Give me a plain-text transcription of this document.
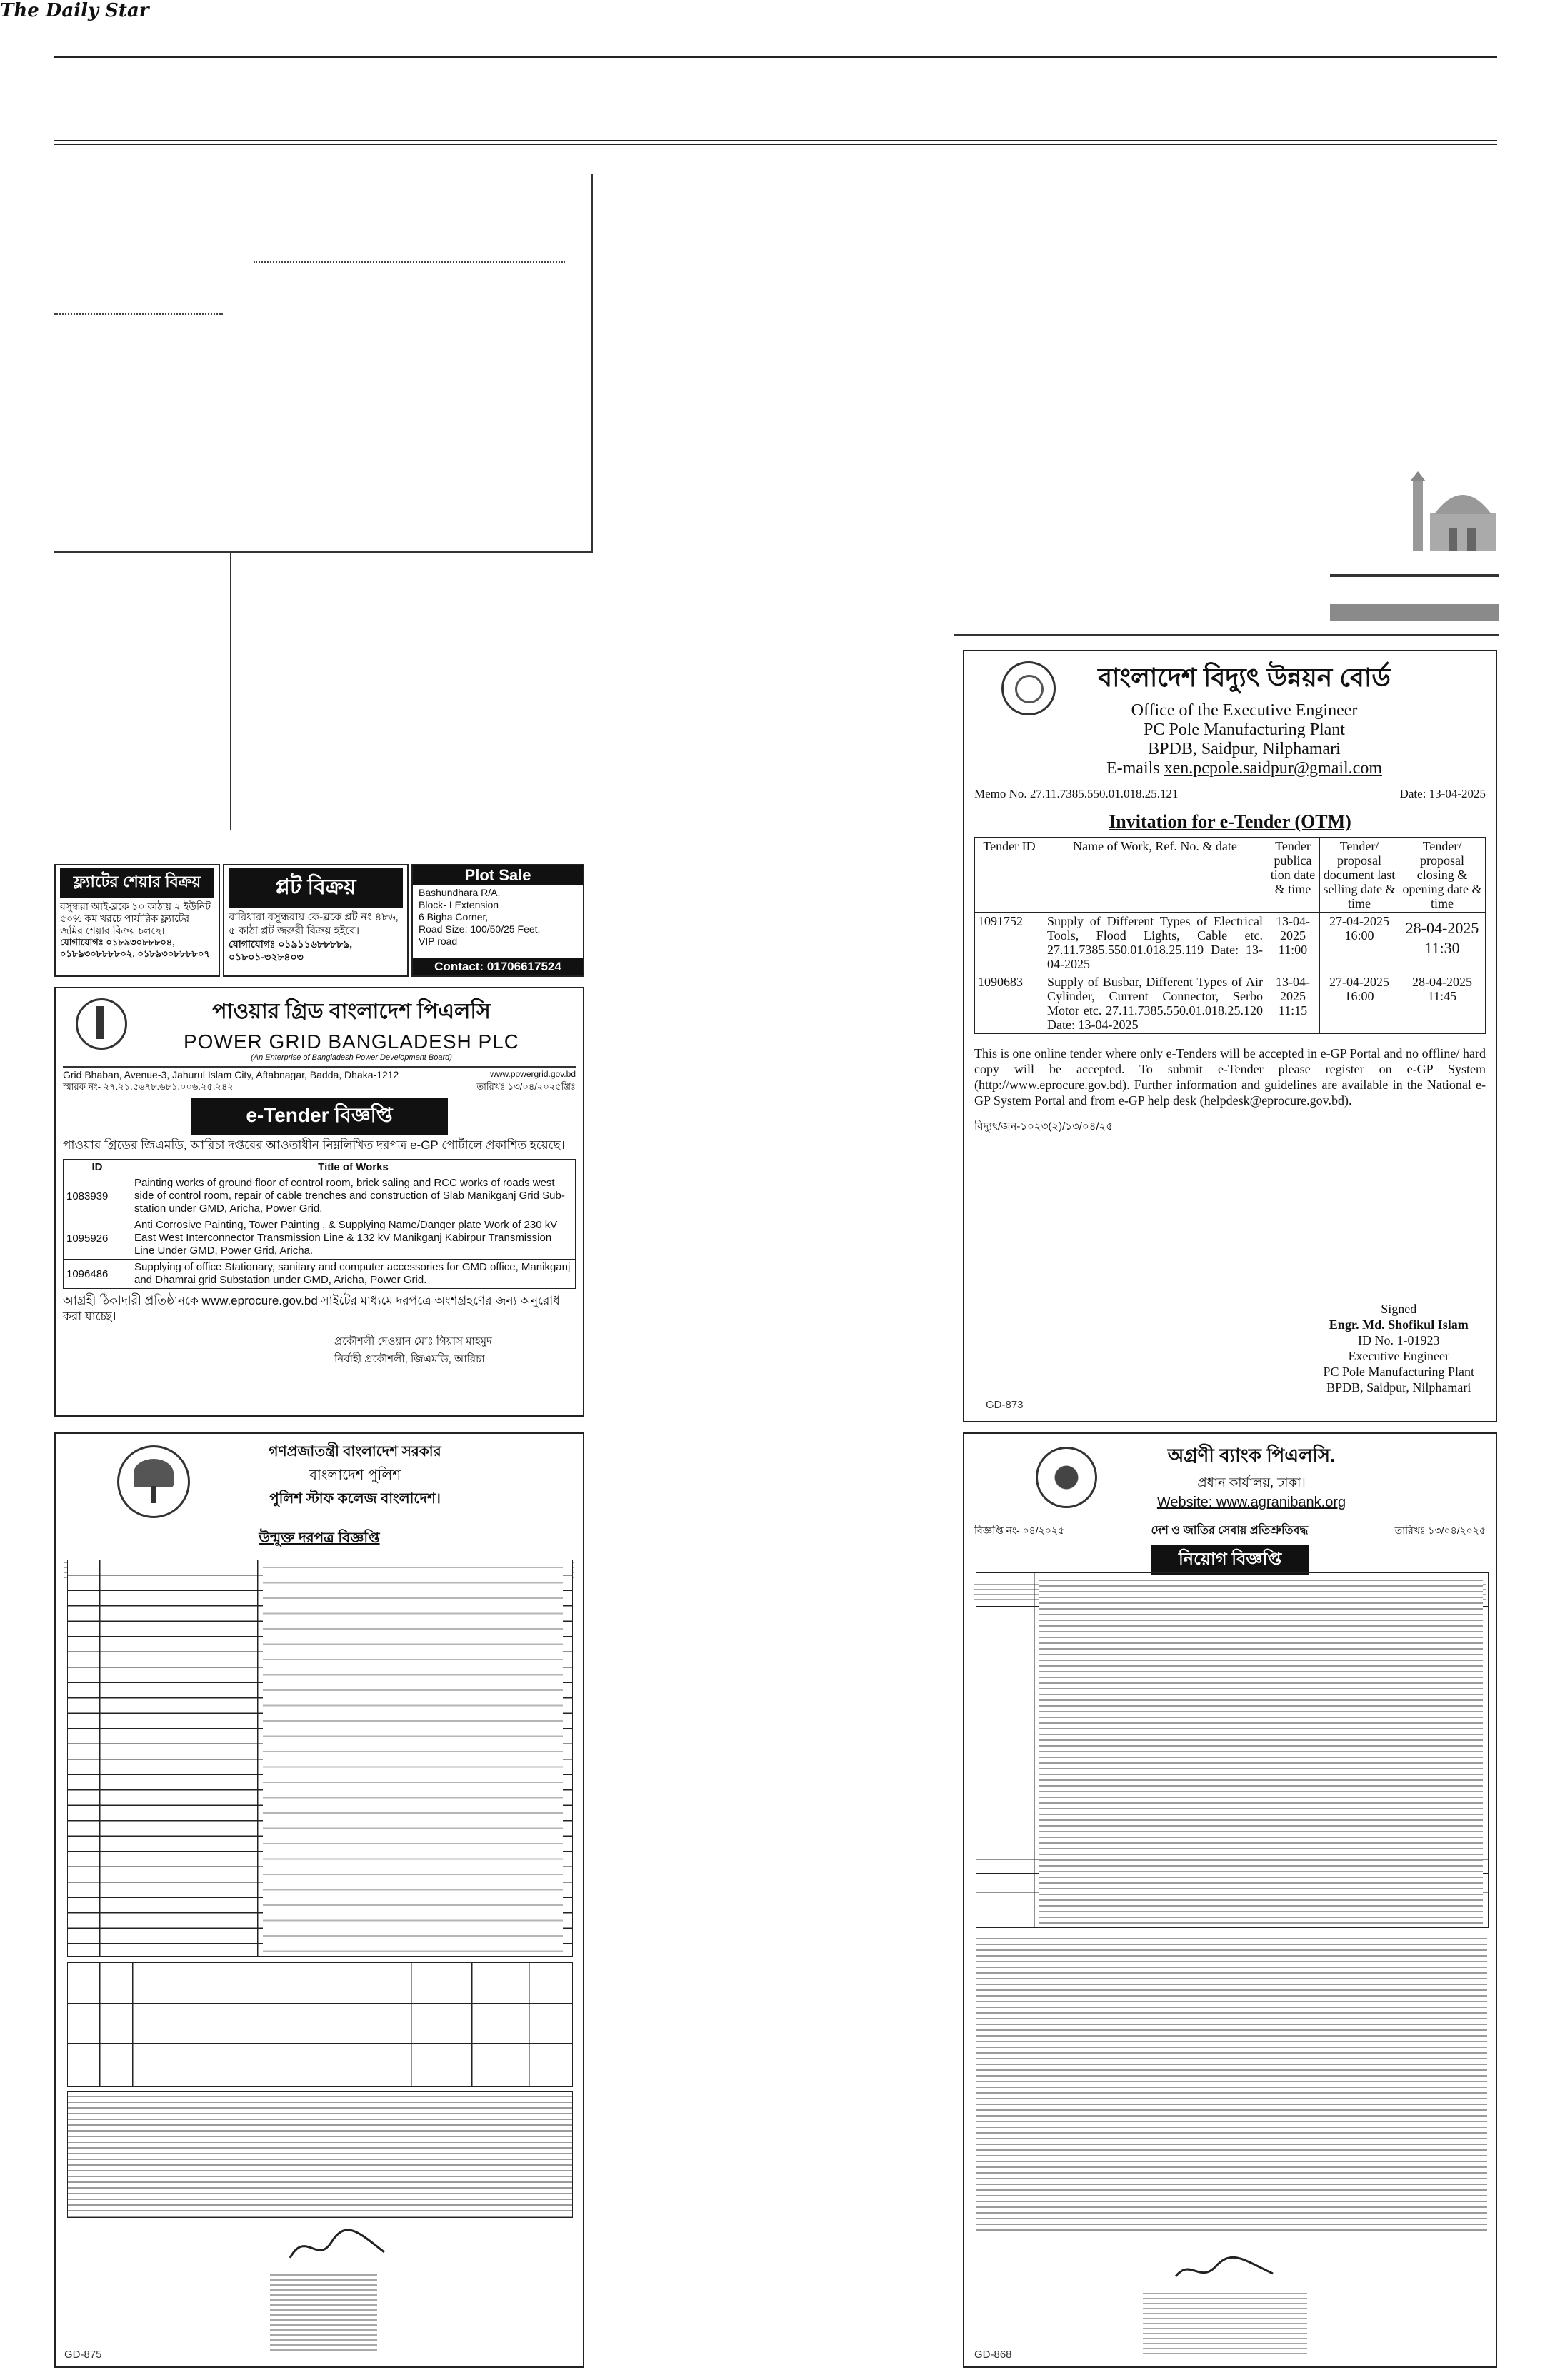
The Daily Star
ফ্ল্যাটের শেয়ার বিক্রয়
বসুন্ধরা আই-ব্লকে ১০ কাঠায় ২ ইউনিট ৫০% কম খরচে পার্যারিক ফ্ল্যাটের জমির শেয়ার বিক্রয় চলছে।
যোগাযোগঃ ০১৮৯৩০৮৮৮০৪, ০১৮৯৩০৮৮৮৮০২, ০১৮৯৩০৮৮৮৮০৭
প্লট বিক্রয়
বারিধারা বসুন্ধরায় কে-ব্লকে প্লট নং ৪৮৬, ৫ কাঠা প্লট জরুরী বিক্রয় হইবে।
যোগাযোগঃ ০১৯১১৬৮৮৮৮৯, ০১৮০১-৩২৮৪০৩
Plot Sale
Bashundhara R/A,
Block- I Extension
6 Bigha Corner,
Road Size: 100/50/25 Feet,
VIP road
Contact: 01706617524
পাওয়ার গ্রিড বাংলাদেশ পিএলসি
POWER GRID BANGLADESH PLC
(An Enterprise of Bangladesh Power Development Board)
Grid Bhaban, Avenue-3, Jahurul Islam City, Aftabnagar, Badda, Dhaka-1212	www.powergrid.gov.bd
স্মারক নং- ২৭.২১.৫৬৭৮.৬৮১.০০৬.২৫.২৪২	তারিখঃ ১৩/০৪/২০২৫খ্রিঃ
e-Tender বিজ্ঞপ্তি
পাওয়ার গ্রিডের জিএমডি, আরিচা দপ্তরের আওতাধীন নিম্নলিখিত দরপত্র e-GP পোর্টালে প্রকাশিত হয়েছে।
ID	Title of Works
1083939	Painting works of ground floor of control room, brick saling and RCC works of roads west side of control room, repair of cable trenches and construction of Slab Manikganj Grid Sub-station under GMD, Aricha, Power Grid.
1095926	Anti Corrosive Painting, Tower Painting , & Supplying Name/Danger plate Work of 230 kV East West Interconnector Transmission Line & 132 kV Manikganj Kabirpur Transmission Line Under GMD, Power Grid, Aricha.
1096486	Supplying of office Stationary, sanitary and computer accessories for GMD office, Manikganj and Dhamrai grid Substation under GMD, Aricha, Power Grid.
আগ্রহী ঠিকাদারী প্রতিষ্ঠানকে www.eprocure.gov.bd সাইটের মাধ্যমে দরপত্রে অংশগ্রহণের জন্য অনুরোধ করা যাচ্ছে।
প্রকৌশলী দেওয়ান মোঃ গিয়াস মাহমুদ
নির্বাহী প্রকৌশলী, জিএমডি, আরিচা
গণপ্রজাতন্ত্রী বাংলাদেশ সরকার
বাংলাদেশ পুলিশ
পুলিশ স্টাফ কলেজ বাংলাদেশ।
উন্মুক্ত দরপত্র বিজ্ঞপ্তি
GD-875
বাংলাদেশ বিদ্যুৎ উন্নয়ন বোর্ড
Office of the Executive Engineer
PC Pole Manufacturing Plant
BPDB, Saidpur, Nilphamari
E-mails xen.pcpole.saidpur@gmail.com
Memo No. 27.11.7385.550.01.018.25.121	Date: 13-04-2025
Invitation for e-Tender (OTM)
Tender ID	Name of Work, Ref. No. & date	Tender publica tion date & time	Tender/ proposal document last selling date & time	Tender/ proposal closing & opening date & time
1091752	Supply of Different Types of Electrical Tools, Flood Lights, Cable etc. 27.11.7385.550.01.018.25.119 Date: 13-04-2025	13-04-2025 11:00	27-04-2025 16:00	28-04-2025 11:30
1090683	Supply of Busbar, Different Types of Air Cylinder, Current Connector, Serbo Motor etc. 27.11.7385.550.01.018.25.120 Date: 13-04-2025	13-04-2025 11:15	27-04-2025 16:00	28-04-2025 11:45
This is one online tender where only e-Tenders will be accepted in e-GP Portal and no offline/ hard copy will be accepted. To submit e-Tender please register on e-GP System (http://www.eprocure.gov.bd). Further information and guidelines are available in the National e-GP System Portal and from e-GP help desk (helpdesk@eprocure.gov.bd).
বিদ্যুৎ/জন-১০২৩(২)/১৩/০৪/২৫
Signed
Engr. Md. Shofikul Islam
ID No. 1-01923
Executive Engineer
PC Pole Manufacturing Plant
BPDB, Saidpur, Nilphamari
GD-873
অগ্রণী ব্যাংক পিএলসি.
প্রধান কার্যালয়, ঢাকা।
Website: www.agranibank.org
বিজ্ঞপ্তি নং- ০৪/২০২৫	দেশ ও জাতির সেবায় প্রতিশ্রুতিবদ্ধ	তারিখঃ ১৩/০৪/২০২৫
নিয়োগ বিজ্ঞপ্তি
GD-868
